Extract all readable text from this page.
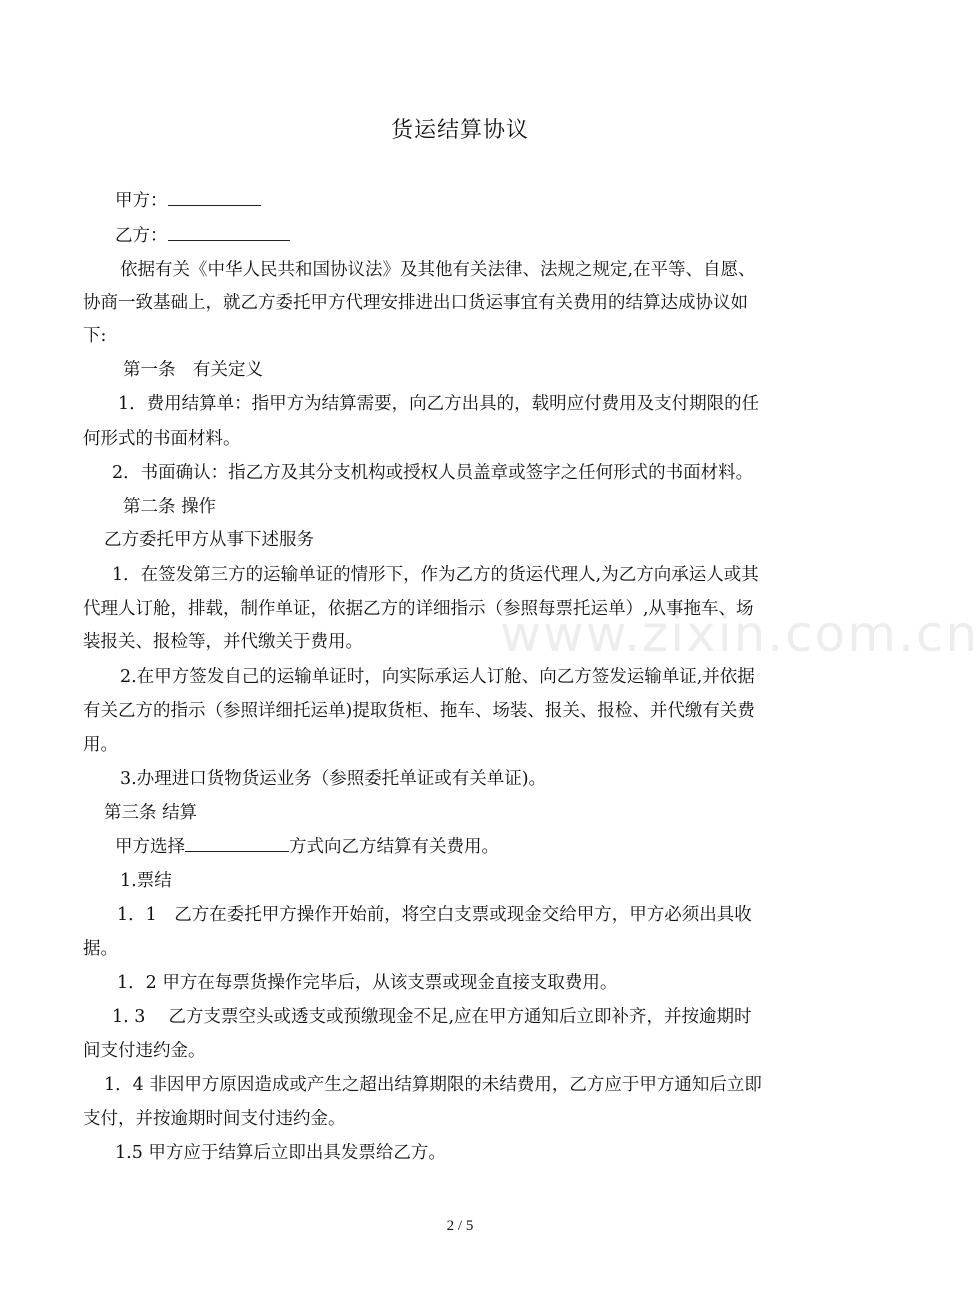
货运结算协议
甲方：
乙方：
依据有关《中华人民共和国协议法》及其他有关法律、法规之规定,在平等、自愿、
协商一致基础上，就乙方委托甲方代理安排进出口货运事宜有关费用的结算达成协议如
下:
第一条　有关定义
1．费用结算单：指甲方为结算需要，向乙方出具的，载明应付费用及支付期限的任
何形式的书面材料。
2．书面确认：指乙方及其分支机构或授权人员盖章或签字之任何形式的书面材料。
第二条 操作
乙方委托甲方从事下述服务
1．在签发第三方的运输单证的情形下，作为乙方的货运代理人,为乙方向承运人或其
代理人订舱，排载，制作单证，依据乙方的详细指示（参照每票托运单）,从事拖车、场
装报关、报检等，并代缴关于费用。
2.在甲方签发自己的运输单证时，向实际承运人订舱、向乙方签发运输单证,并依据
有关乙方的指示（参照详细托运单)提取货柜、拖车、场装、报关、报检、并代缴有关费
用。
3.办理进口货物货运业务（参照委托单证或有关单证)。
第三条 结算
甲方选择	方式向乙方结算有关费用。
1.票结
1．1　乙方在委托甲方操作开始前，将空白支票或现金交给甲方，甲方必须出具收
据。
1．2 甲方在每票货操作完毕后，从该支票或现金直接支取费用。
1. 3　 乙方支票空头或透支或预缴现金不足,应在甲方通知后立即补齐，并按逾期时
间支付违约金。
1．4 非因甲方原因造成或产生之超出结算期限的未结费用，乙方应于甲方通知后立即
支付，并按逾期时间支付违约金。
1.5 甲方应于结算后立即出具发票给乙方。
www.zixin.com.cn
2 / 5
